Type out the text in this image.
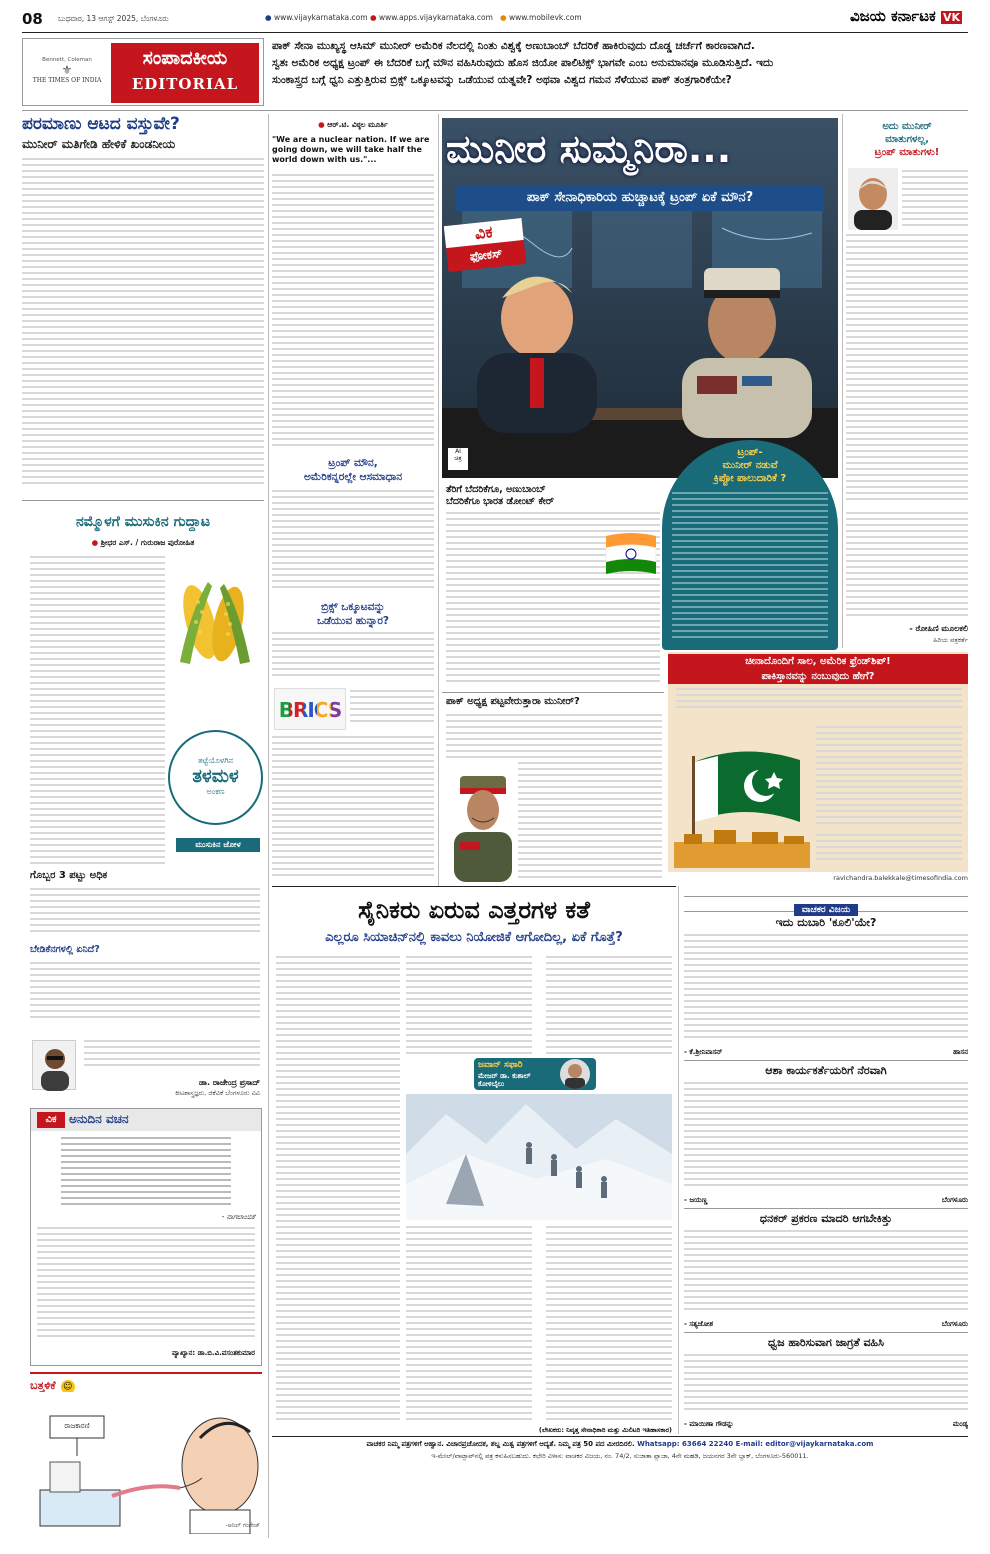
08 ಬುಧವಾರ, 13 ಆಗಸ್ಟ್ 2025, ಬೆಂಗಳೂರು	● www.vijaykarnataka.com ● www.apps.vijaykarnataka.com ● www.mobilevk.com	ವಿಜಯ ಕರ್ನಾಟಕ VK
Bennett, Coleman
⚜
THE TIMES OF INDIA
ಸಂಪಾದಕೀಯ
EDITORIAL
ಪಾಕ್ ಸೇನಾ ಮುಖ್ಯಸ್ಥ ಆಸಿಮ್ ಮುನೀರ್ ಅಮೆರಿಕ ನೆಲದಲ್ಲಿ ನಿಂತು ವಿಶ್ವಕ್ಕೆ ಅಣುಬಾಂಬ್ ಬೆದರಿಕೆ ಹಾಕಿರುವುದು ದೊಡ್ಡ ಚರ್ಚೆಗೆ ಕಾರಣವಾಗಿದೆ.
ಸ್ವತಃ ಅಮೆರಿಕ ಅಧ್ಯಕ್ಷ ಟ್ರಂಪ್ ಈ ಬೆದರಿಕೆ ಬಗ್ಗೆ ಮೌನ ವಹಿಸಿರುವುದು ಹೊಸ ಜಿಯೋ ಪಾಲಿಟಿಕ್ಸ್ ಭಾಗವೇ ಎಂಬ ಅನುಮಾನವೂ ಮೂಡಿಸುತ್ತಿದೆ. ಇದು
ಸುಂಕಾಸ್ತ್ರದ ಬಗ್ಗೆ ಧ್ವನಿ ಎತ್ತುತ್ತಿರುವ ಬ್ರಿಕ್ಸ್ ಒಕ್ಕೂಟವನ್ನು ಒಡೆಯುವ ಯತ್ನವೇ? ಅಥವಾ ವಿಶ್ವದ ಗಮನ ಸೆಳೆಯುವ ಪಾಕ್ ತಂತ್ರಗಾರಿಕೆಯೇ?
ಪರಮಾಣು ಆಟದ ವಸ್ತುವೇ?
ಮುನೀರ್ ಮತಿಗೇಡಿ ಹೇಳಿಕೆ ಖಂಡನೀಯ
ನಮ್ಮೊಳಗೆ ಮುಸುಕಿನ ಗುದ್ದಾಟ
● ಶ್ರೀಧರ ಎಸ್. / ಗುರುರಾಜ ಪುರೋಹಿತ
ತಟ್ಟೆಯೊಳಗಿನ
ತಳಮಳ
ಅಂಕಣ
ಮುಸುಕಿನ ಜೋಳ
ಗೊಬ್ಬರ 3 ಪಟ್ಟು ಅಧಿಕ
ಬೇಡಿಕೆನಗಳಲ್ಲಿ ಏನಿದೆ?
ಡಾ. ರಾಜೇಂದ್ರ ಪ್ರಸಾದ್
ಕೀಟಶಾಸ್ತ್ರಜ್ಞರು, ಜಿಕೆವಿಕೆ ಬೆಂಗಳೂರು ವಿವಿ
ವಿಕ	ಅನುದಿನ ವಚನ
- ನಾಗಲಾಂಬಿಕೆ
ವ್ಯಾಖ್ಯಾನ: ಡಾ.ಬಿ.ವಿ.ವಸಂತಕುಮಾರ
ಬತ್ತಳಿಕೆ ☺
ರಾಜಕಾರಣಿ
-ಅನಿಲ್ ಗಂಗೇಜ್
● ಆರ್.ಟಿ. ವಿಠ್ಠಲ ಮೂರ್ತಿ
"We are a nuclear nation. If we are going down, we will take half the world down with us."...
ಟ್ರಂಪ್ ಮೌನ,
ಅಮೆರಿಕನ್ನರಲ್ಲೇ ಆಸಮಾಧಾನ
ಬ್ರಿಕ್ಸ್ ಒಕ್ಕೂಟವನ್ನು
ಒಡೆಯುವ ಹುನ್ನಾರ?
BRICS
AI
ಚಿತ್ರ
ಮುನೀರ ಸುಮ್ಮನಿರಾ...
ಪಾಕ್ ಸೇನಾಧಿಕಾರಿಯ ಹುಚ್ಚಾಟಕ್ಕೆ ಟ್ರಂಪ್ ಏಕೆ ಮೌನ?
ವಿಕ
ಫೋಕಸ್
ಟ್ರಂಪ್-
ಮುನೀರ್ ನಡುವೆ
ಕ್ರಿಪ್ಟೋ ಪಾಲುದಾರಿಕೆ ?
ತೆರಿಗೆ ಬೆದರಿಕೆಗೂ, ಅಣುಬಾಂಬ್
ಬೆದರಿಕೆಗೂ ಭಾರತ ಡೋಂಟ್ ಕೇರ್
ಪಾಕ್ ಅಧ್ಯಕ್ಷ ಪಟ್ಟವೇರುತ್ತಾರಾ ಮುನೀರ್?
ಅದು ಮುನೀರ್
ಮಾತುಗಳಲ್ಲ,
ಟ್ರಂಪ್ ಮಾತುಗಳು!
- ರೋಹಿಣಿ ಮೂಲಕಲಿ
ಹಿರಿಯ ಪತ್ರಕರ್ತೆ
ಚೀನಾದೊಂದಿಗೆ ಸಾಲ, ಅಮೆರಿಕ ಫ್ರೆಂಡ್‌ಶಿಪ್!
ಪಾಕಿಸ್ತಾನವನ್ನು ನಂಬುವುದು ಹೇಗೆ?
ravichandra.balekkale@timesofindia.com
ಸೈನಿಕರು ಏರುವ ಎತ್ತರಗಳ ಕತೆ
ಎಲ್ಲರೂ ಸಿಯಾಚಿನ್‌ನಲ್ಲಿ ಕಾವಲು ನಿಯೋಜಿಕೆ ಆಗೋದಿಲ್ಲ, ಏಕೆ ಗೊತ್ತೆ?
ಜವಾನ್ ಸಫಾರಿ
ಮೇಜರ್ ಡಾ. ಕುಶಾಲ್
ಕೋಳಿಬೈಲು
(ಲೇಖಕರು: ನಿವೃತ್ತ ಸೇನಾಧಿಕಾರಿ ಮತ್ತು ಮಿಲಿಟರಿ ಇತಿಹಾಸಕಾರ)
ವಾಚಕರ ವಿಜಯ
ಇದು ದುಬಾರಿ 'ಕೂಲಿ'ಯೇ?
- ಕೆ.ಶ್ರೀನಿವಾಸನ್	ಹಾಸನ
ಆಶಾ ಕಾರ್ಯಕರ್ತೆಯರಿಗೆ ನೆರವಾಗಿ
- ಜಯಣ್ಣ	ಬೆಂಗಳೂರು
ಧನಕರ್ ಪ್ರಕರಣ ಮಾದರಿ ಆಗಬೇಕಿತ್ತು
- ಸತ್ಯಜೋಶ	ಬೆಂಗಳೂರು
ಧ್ವಜ ಹಾರಿಸುವಾಗ ಜಾಗ್ರತೆ ವಹಿಸಿ
- ಮಾಯಿಣಾ ಗೌಡನ್ನು	ಮಂಡ್ಯ
ವಾಚಕರ ನಿಮ್ಮ ಪತ್ರಗಳಿಗೆ ಆಹ್ವಾನ. ವಿಚಾರಪ್ರಚೋದಕ, ಶಬ್ದ ಮಿತ್ವ ಪತ್ರಗಳಿಗೆ ಆದ್ಯತೆ. ನಿಮ್ಮ ಪತ್ರ 50 ಪದ ಮೀರದಿರಲಿ. Whatsapp: 63664 22240 E-mail: editor@vijaykarnataka.com
ಇ-ಮೇಲ್/ವಾಟ್ಸಾಪ್‌ನಲ್ಲಿ ಪತ್ರ ಕಳುಹಿಸಬಹುದು. ಕಛೇರಿ ವಿಳಾಸ: ವಾಚಕರ ವಿಜಯ, ನಂ. 74/2, ಸುಜಾತಾ ಪ್ಲಾಜಾ, 4ನೇ ಮಹಡಿ, ಜಯನಗರ 3ನೇ ಬ್ಲಾಕ್, ಬೆಂಗಳೂರು-560011.
